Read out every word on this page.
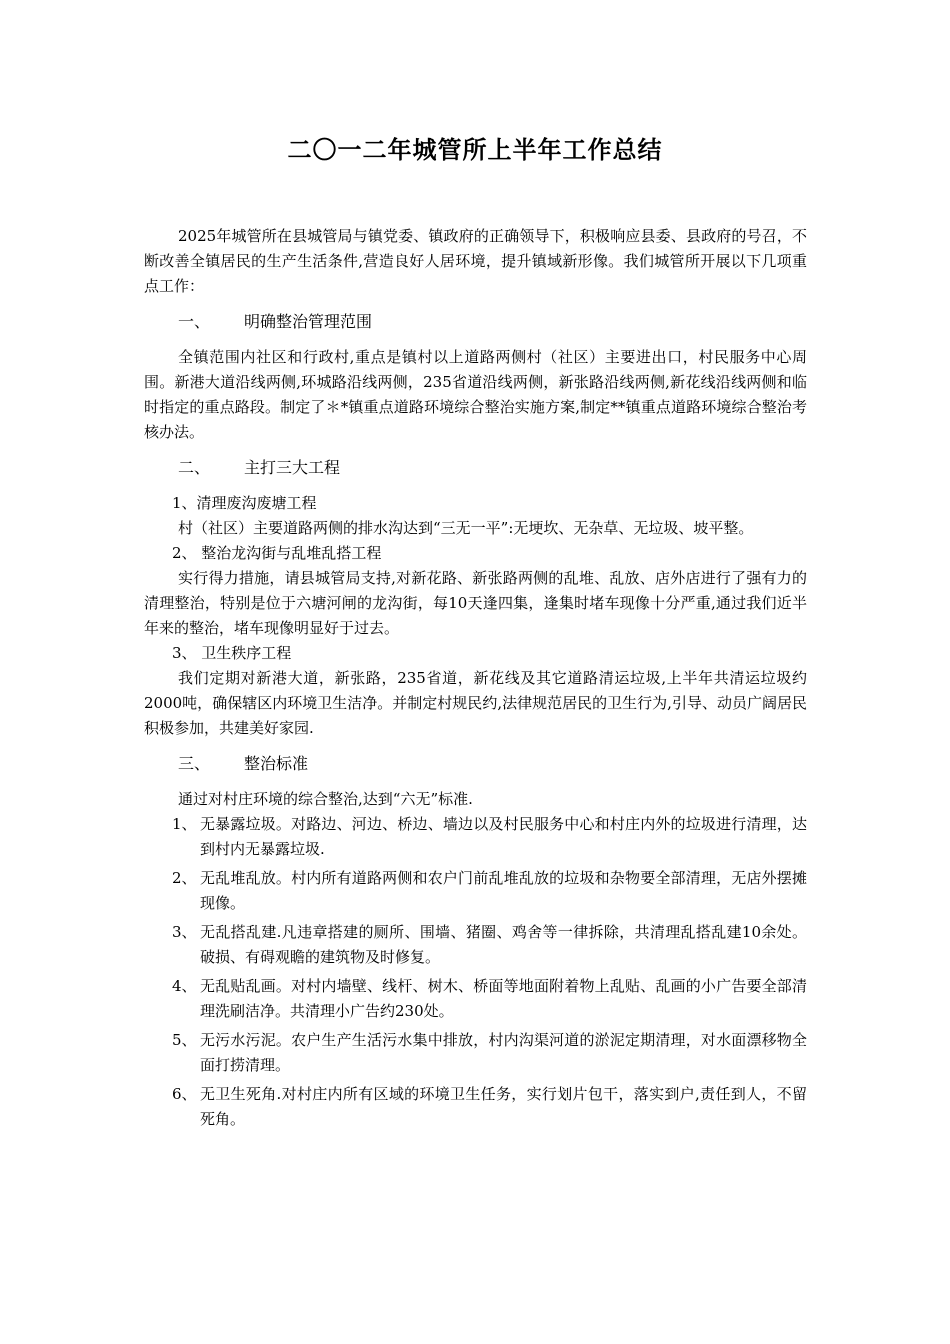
二〇一二年城管所上半年工作总结

2025年城管所在县城管局与镇党委、镇政府的正确领导下，积极响应县委、县政府的号召，不断改善全镇居民的生产生活条件,营造良好人居环境，提升镇域新形像。我们城管所开展以下几项重点工作：

一、 明确整治管理范围

全镇范围内社区和行政村,重点是镇村以上道路两侧村（社区）主要进出口，村民服务中心周围。新港大道沿线两侧,环城路沿线两侧，235省道沿线两侧，新张路沿线两侧,新花线沿线两侧和临时指定的重点路段。制定了＊*镇重点道路环境综合整治实施方案,制定**镇重点道路环境综合整治考核办法。

二、 主打三大工程

1、清理废沟废塘工程

村（社区）主要道路两侧的排水沟达到“三无一平”:无埂坎、无杂草、无垃圾、坡平整。

2、 整治龙沟街与乱堆乱搭工程

实行得力措施，请县城管局支持,对新花路、新张路两侧的乱堆、乱放、店外店进行了强有力的清理整治，特别是位于六塘河闸的龙沟街，每10天逢四集，逢集时堵车现像十分严重,通过我们近半年来的整治，堵车现像明显好于过去。

3、 卫生秩序工程

我们定期对新港大道，新张路，235省道，新花线及其它道路清运垃圾,上半年共清运垃圾约2000吨，确保辖区内环境卫生洁净。并制定村规民约,法律规范居民的卫生行为,引导、动员广阔居民积极参加，共建美好家园.

三、 整治标准

通过对村庄环境的综合整治,达到“六无”标准.

1、 无暴露垃圾。对路边、河边、桥边、墙边以及村民服务中心和村庄内外的垃圾进行清理，达到村内无暴露垃圾.
2、 无乱堆乱放。村内所有道路两侧和农户门前乱堆乱放的垃圾和杂物要全部清理，无店外摆摊现像。
3、 无乱搭乱建.凡违章搭建的厕所、围墙、猪圈、鸡舍等一律拆除，共清理乱搭乱建10余处。破损、有碍观瞻的建筑物及时修复。
4、 无乱贴乱画。对村内墙壁、线杆、树木、桥面等地面附着物上乱贴、乱画的小广告要全部清理洗刷洁净。共清理小广告约230处。
5、 无污水污泥。农户生产生活污水集中排放，村内沟渠河道的淤泥定期清理，对水面漂移物全面打捞清理。
6、 无卫生死角.对村庄内所有区域的环境卫生任务，实行划片包干，落实到户,责任到人，不留死角。
